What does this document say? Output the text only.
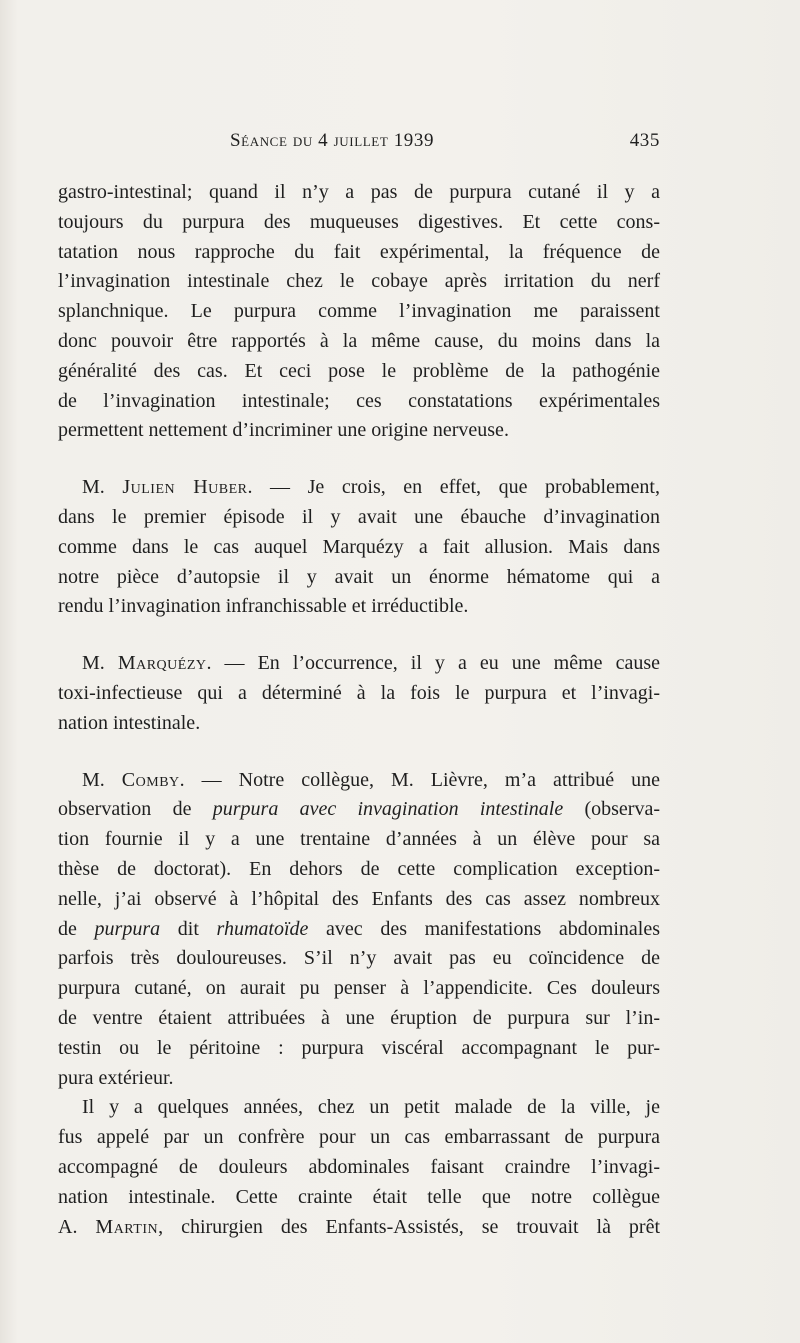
Séance du 4 juillet 1939	435
gastro-intestinal; quand il n’y a pas de purpura cutané il y a
toujours du purpura des muqueuses digestives. Et cette cons-
tatation nous rapproche du fait expérimental, la fréquence de
l’invagination intestinale chez le cobaye après irritation du nerf
splanchnique. Le purpura comme l’invagination me paraissent
donc pouvoir être rapportés à la même cause, du moins dans la
généralité des cas. Et ceci pose le problème de la pathogénie
de l’invagination intestinale; ces constatations expérimentales
permettent nettement d’incriminer une origine nerveuse.
M. Julien Huber. — Je crois, en effet, que probablement,
dans le premier épisode il y avait une ébauche d’invagination
comme dans le cas auquel Marquézy a fait allusion. Mais dans
notre pièce d’autopsie il y avait un énorme hématome qui a
rendu l’invagination infranchissable et irréductible.
M. Marquézy. — En l’occurrence, il y a eu une même cause
toxi-infectieuse qui a déterminé à la fois le purpura et l’invagi-
nation intestinale.
M. Comby. — Notre collègue, M. Lièvre, m’a attribué une
observation de purpura avec invagination intestinale (observa-
tion fournie il y a une trentaine d’années à un élève pour sa
thèse de doctorat). En dehors de cette complication exception-
nelle, j’ai observé à l’hôpital des Enfants des cas assez nombreux
de purpura dit rhumatoïde avec des manifestations abdominales
parfois très douloureuses. S’il n’y avait pas eu coïncidence de
purpura cutané, on aurait pu penser à l’appendicite. Ces douleurs
de ventre étaient attribuées à une éruption de purpura sur l’in-
testin ou le péritoine : purpura viscéral accompagnant le pur-
pura extérieur.
Il y a quelques années, chez un petit malade de la ville, je
fus appelé par un confrère pour un cas embarrassant de purpura
accompagné de douleurs abdominales faisant craindre l’invagi-
nation intestinale. Cette crainte était telle que notre collègue
A. Martin, chirurgien des Enfants-Assistés, se trouvait là prêt
